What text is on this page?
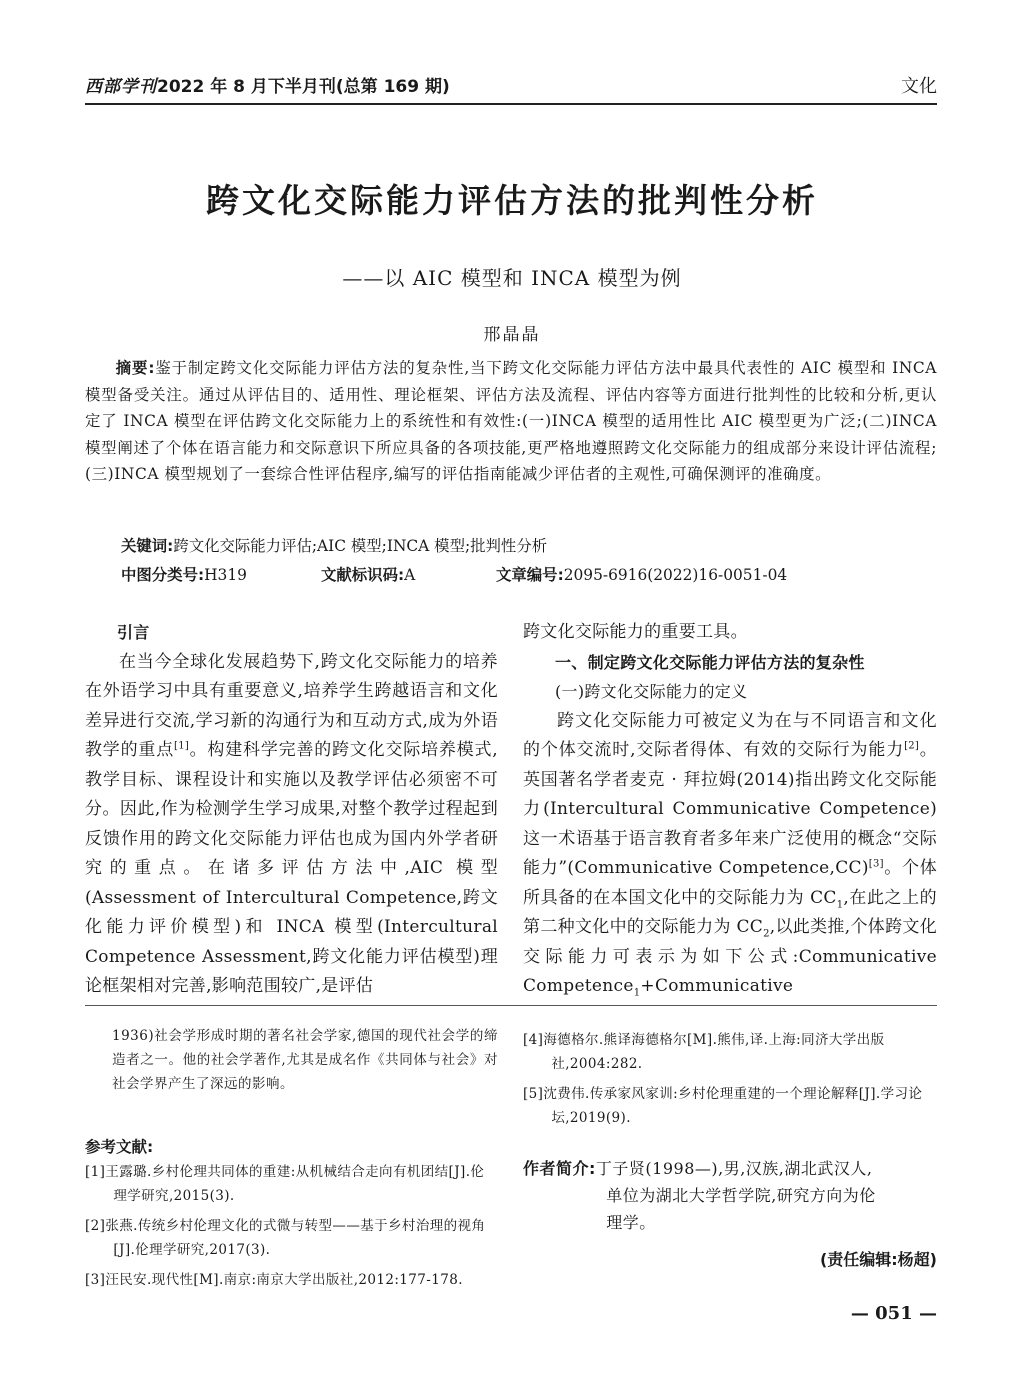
西部学刊2022 年 8 月下半月刊(总第 169 期)	文化
跨文化交际能力评估方法的批判性分析
——以 AIC 模型和 INCA 模型为例
邢晶晶

摘要:鉴于制定跨文化交际能力评估方法的复杂性,当下跨文化交际能力评估方法中最具代表性的 AIC 模型和 INCA 模型备受关注。通过从评估目的、适用性、理论框架、评估方法及流程、评估内容等方面进行批判性的比较和分析,更认定了 INCA 模型在评估跨文化交际能力上的系统性和有效性:(一)INCA 模型的适用性比 AIC 模型更为广泛;(二)INCA 模型阐述了个体在语言能力和交际意识下所应具备的各项技能,更严格地遵照跨文化交际能力的组成部分来设计评估流程;(三)INCA 模型规划了一套综合性评估程序,编写的评估指南能减少评估者的主观性,可确保测评的准确度。

关键词:跨文化交际能力评估;AIC 模型;INCA 模型;批判性分析
中图分类号:H319	文献标识码:A	文章编号:2095-6916(2022)16-0051-04

引言

在当今全球化发展趋势下,跨文化交际能力的培养在外语学习中具有重要意义,培养学生跨越语言和文化差异进行交流,学习新的沟通行为和互动方式,成为外语教学的重点[1]。构建科学完善的跨文化交际培养模式,教学目标、课程设计和实施以及教学评估必须密不可分。因此,作为检测学生学习成果,对整个教学过程起到反馈作用的跨文化交际能力评估也成为国内外学者研究的重点。在诸多评估方法中,AIC 模型(Assessment of Intercultural Competence,跨文化能力评价模型)和 INCA 模型(Intercultural Competence Assessment,跨文化能力评估模型)理论框架相对完善,影响范围较广,是评估

跨文化交际能力的重要工具。

一、制定跨文化交际能力评估方法的复杂性

(一)跨文化交际能力的定义

跨文化交际能力可被定义为在与不同语言和文化的个体交流时,交际者得体、有效的交际行为能力[2]。英国著名学者麦克 · 拜拉姆(2014)指出跨文化交际能力(Intercultural Communicative Competence)这一术语基于语言教育者多年来广泛使用的概念“交际能力”(Communicative Competence,CC)[3]。个体所具备的在本国文化中的交际能力为 $CC_1$,在此之上的第二种文化中的交际能力为 $CC_2$,以此类推,个体跨文化交际能力可表示为如下公式:Communicative Competence$_1$+Communicative

1936)社会学形成时期的著名社会学家,德国的现代社会学的缔造者之一。他的社会学著作,尤其是成名作《共同体与社会》对社会学界产生了深远的影响。

参考文献:

[1]王露璐.乡村伦理共同体的重建:从机械结合走向有机团结[J].伦理学研究,2015(3).

[2]张燕.传统乡村伦理文化的式微与转型——基于乡村治理的视角[J].伦理学研究,2017(3).

[3]汪民安.现代性[M].南京:南京大学出版社,2012:177-178.

[4]海德格尔.熊译海德格尔[M].熊伟,译.上海:同济大学出版社,2004:282.

[5]沈费伟.传承家风家训:乡村伦理重建的一个理论解释[J].学习论坛,2019(9).

作者简介:丁子贤(1998—),男,汉族,湖北武汉人,
单位为湖北大学哲学院,研究方向为伦
理学。
(责任编辑:杨超)
— 051 —
